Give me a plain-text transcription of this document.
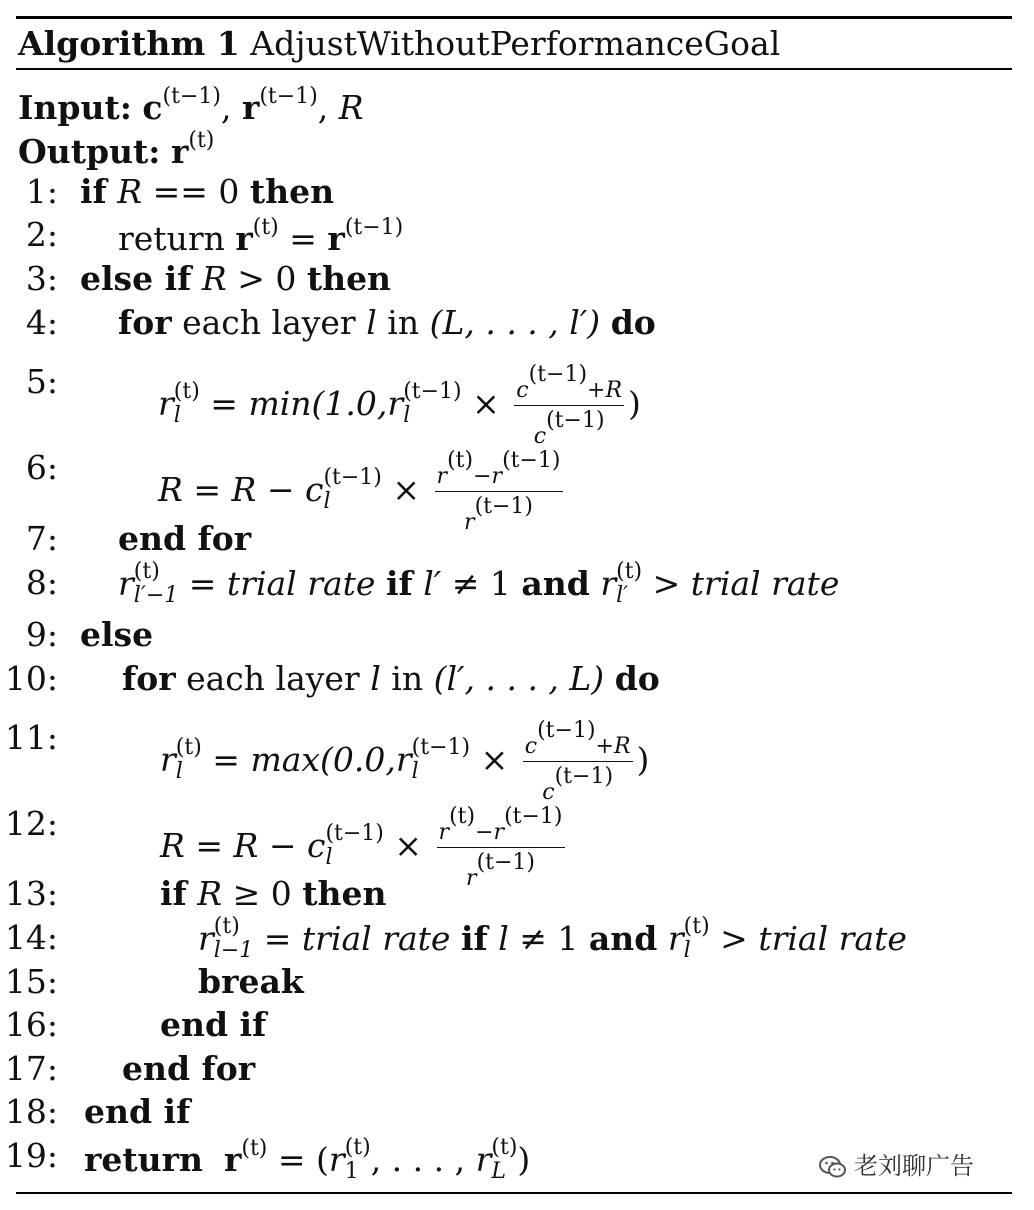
Algorithm 1 AdjustWithoutPerformanceGoal
Input: $c^{(t-1)}$, $r^{(t-1)}$, R
Output: $r^{(t)}$
1: if R == 0 then
2: return $r^{(t)} = r^{(t-1)}$
3: else if R > 0 then
4: for each layer l in (L, . . . , l′) do
5:
r (t)
l = min(1.0,r (t−1)
l	× $\frac{c(t-1)+R}{c(t-1)}$ )
6:
R = R − c (t−1)
l	× $\frac{r(t)-r(t-1)}{r(t-1)}$
7: end for
8: r (t)
l′−1 = trial rate if l′ ≠ 1 and r (t)
l′ > trial rate
9: else
10: for each layer l in (l′, . . . , L) do
11:
r (t)
l = max(0.0,r (t−1)
l	× $\frac{c(t-1)+R}{c(t-1)}$ )
12:
R = R − c (t−1)
l	× $\frac{r(t)-r(t-1)}{r(t-1)}$
13:	if R ≥ 0 then
14:	r (t)
l−1 = trial rate if l ≠ 1 and r (t)
l > trial rate
15:	break
16:	end if
17: end for
18: end if
19: return $r^{(t)} = (r$ (t)
1 , . . . , r (t)
L )	老刘聊广告
